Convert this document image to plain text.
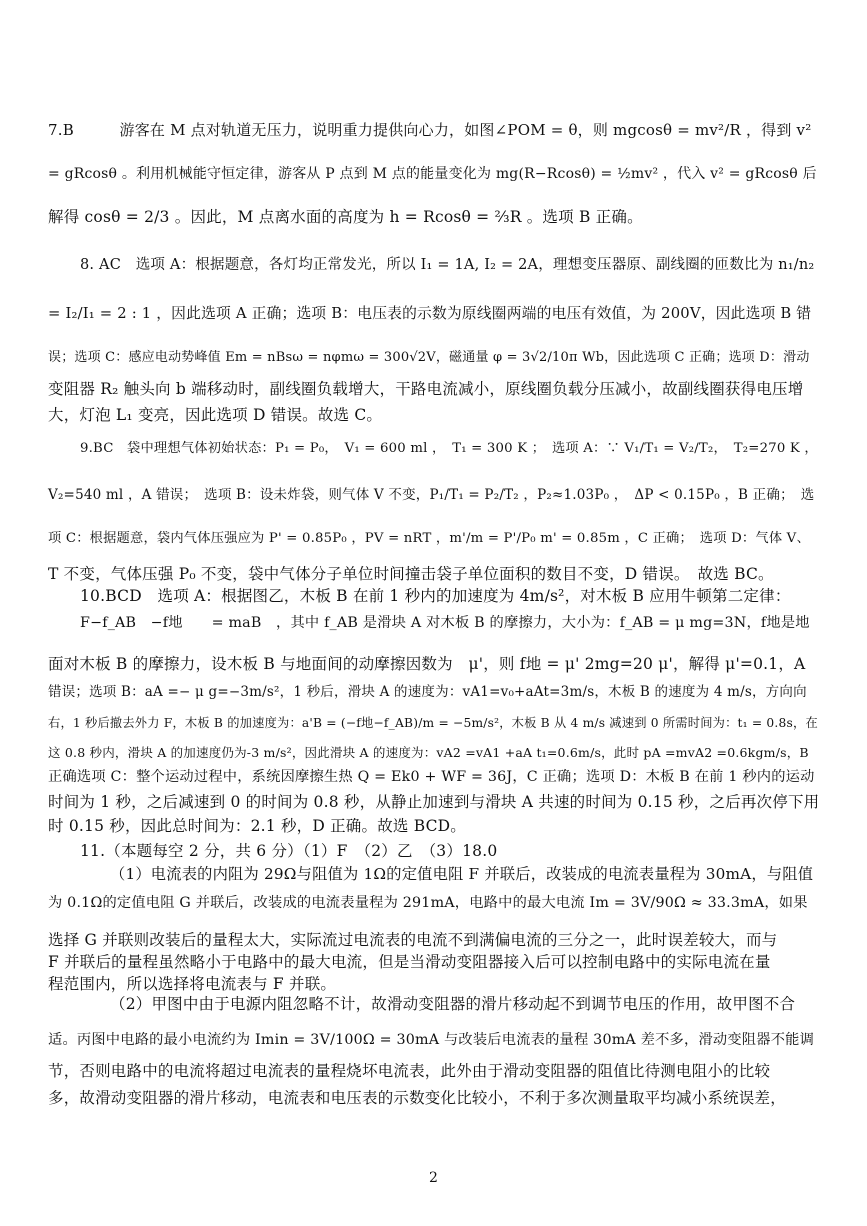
7.B　　　游客在 M 点对轨道无压力，说明重力提供向心力，如图∠POM = θ，则 mgcosθ = mv²/R ，得到 v²
= gRcosθ 。利用机械能守恒定律，游客从 P 点到 M 点的能量变化为 mg(R−Rcosθ) = ½mv² ，代入 v² = gRcosθ 后
解得 cosθ = 2/3 。因此，M 点离水面的高度为 h = Rcosθ = ⅔R 。选项 B 正确。
8. AC　选项 A：根据题意，各灯均正常发光，所以 I₁ = 1A, I₂ = 2A，理想变压器原、副线圈的匝数比为 n₁/n₂
= I₂/I₁ = 2 : 1 ，因此选项 A 正确；选项 B：电压表的示数为原线圈两端的电压有效值，为 200V，因此选项 B 错
误；选项 C：感应电动势峰值 Em = nBsω = nφmω = 300√2V，磁通量 φ = 3√2/10π Wb，因此选项 C 正确；选项 D：滑动
变阻器 R₂ 触头向 b 端移动时，副线圈负载增大，干路电流减小，原线圈负载分压减小，故副线圈获得电压增
大，灯泡 L₁ 变亮，因此选项 D 错误。故选 C。
9.BC　袋中理想气体初始状态：P₁ = P₀，　V₁ = 600 ml ，　T₁ = 300 K ；　选项 A：∵ V₁/T₁ = V₂/T₂，　T₂=270 K ，
V₂=540 ml ，A 错误；　选项 B：设未炸袋，则气体 V 不变，P₁/T₁ = P₂/T₂ ，P₂≈1.03P₀ ，　ΔP < 0.15P₀ ，B 正确；　选
项 C：根据题意，袋内气体压强应为 P' = 0.85P₀ ，PV = nRT ，m'/m = P'/P₀ m' = 0.85m ，C 正确；　选项 D：气体 V、
T 不变，气体压强 P₀ 不变，袋中气体分子单位时间撞击袋子单位面积的数目不变，D 错误。　故选 BC。
10.BCD　选项 A：根据图乙，木板 B 在前 1 秒内的加速度为 4m/s²，对木板 B 应用牛顿第二定律：
F−f_AB　−f地　　= maB　，其中 f_AB 是滑块 A 对木板 B 的摩擦力，大小为：f_AB = μ mg=3N，f地是地
面对木板 B 的摩擦力，设木板 B 与地面间的动摩擦因数为　μ'，则 f地 = μ' 2mg=20 μ'，解得 μ'=0.1，A
错误；选项 B：aA =− μ g=−3m/s²，1 秒后，滑块 A 的速度为：vA1=v₀+aAt=3m/s，木板 B 的速度为 4 m/s，方向向
右，1 秒后撤去外力 F，木板 B 的加速度为：a'B = (−f地−f_AB)/m = −5m/s²，木板 B 从 4 m/s 减速到 0 所需时间为：t₁ = 0.8s，在
这 0.8 秒内，滑块 A 的加速度仍为-3 m/s²，因此滑块 A 的速度为：vA2 =vA1 +aA t₁=0.6m/s，此时 pA =mvA2 =0.6kgm/s，B
正确选项 C：整个运动过程中，系统因摩擦生热 Q = Ek0 + WF = 36J，C 正确；选项 D：木板 B 在前 1 秒内的运动
时间为 1 秒，之后减速到 0 的时间为 0.8 秒，从静止加速到与滑块 A 共速的时间为 0.15 秒，之后再次停下用
时 0.15 秒，因此总时间为：2.1 秒，D 正确。故选 BCD。
11.（本题每空 2 分，共 6 分）（1）F　（2）乙　（3）18.0
（1）电流表的内阻为 29Ω与阻值为 1Ω的定值电阻 F 并联后，改装成的电流表量程为 30mA，与阻值
为 0.1Ω的定值电阻 G 并联后，改装成的电流表量程为 291mA，电路中的最大电流 Im = 3V/90Ω ≈ 33.3mA，如果
选择 G 并联则改装后的量程太大，实际流过电流表的电流不到满偏电流的三分之一，此时误差较大，而与
F 并联后的量程虽然略小于电路中的最大电流，但是当滑动变阻器接入后可以控制电路中的实际电流在量
程范围内，所以选择将电流表与 F 并联。
（2）甲图中由于电源内阻忽略不计，故滑动变阻器的滑片移动起不到调节电压的作用，故甲图不合
适。丙图中电路的最小电流约为 Imin = 3V/100Ω = 30mA 与改装后电流表的量程 30mA 差不多，滑动变阻器不能调
节，否则电路中的电流将超过电流表的量程烧坏电流表，此外由于滑动变阻器的阻值比待测电阻小的比较
多，故滑动变阻器的滑片移动，电流表和电压表的示数变化比较小，不利于多次测量取平均减小系统误差，
2
